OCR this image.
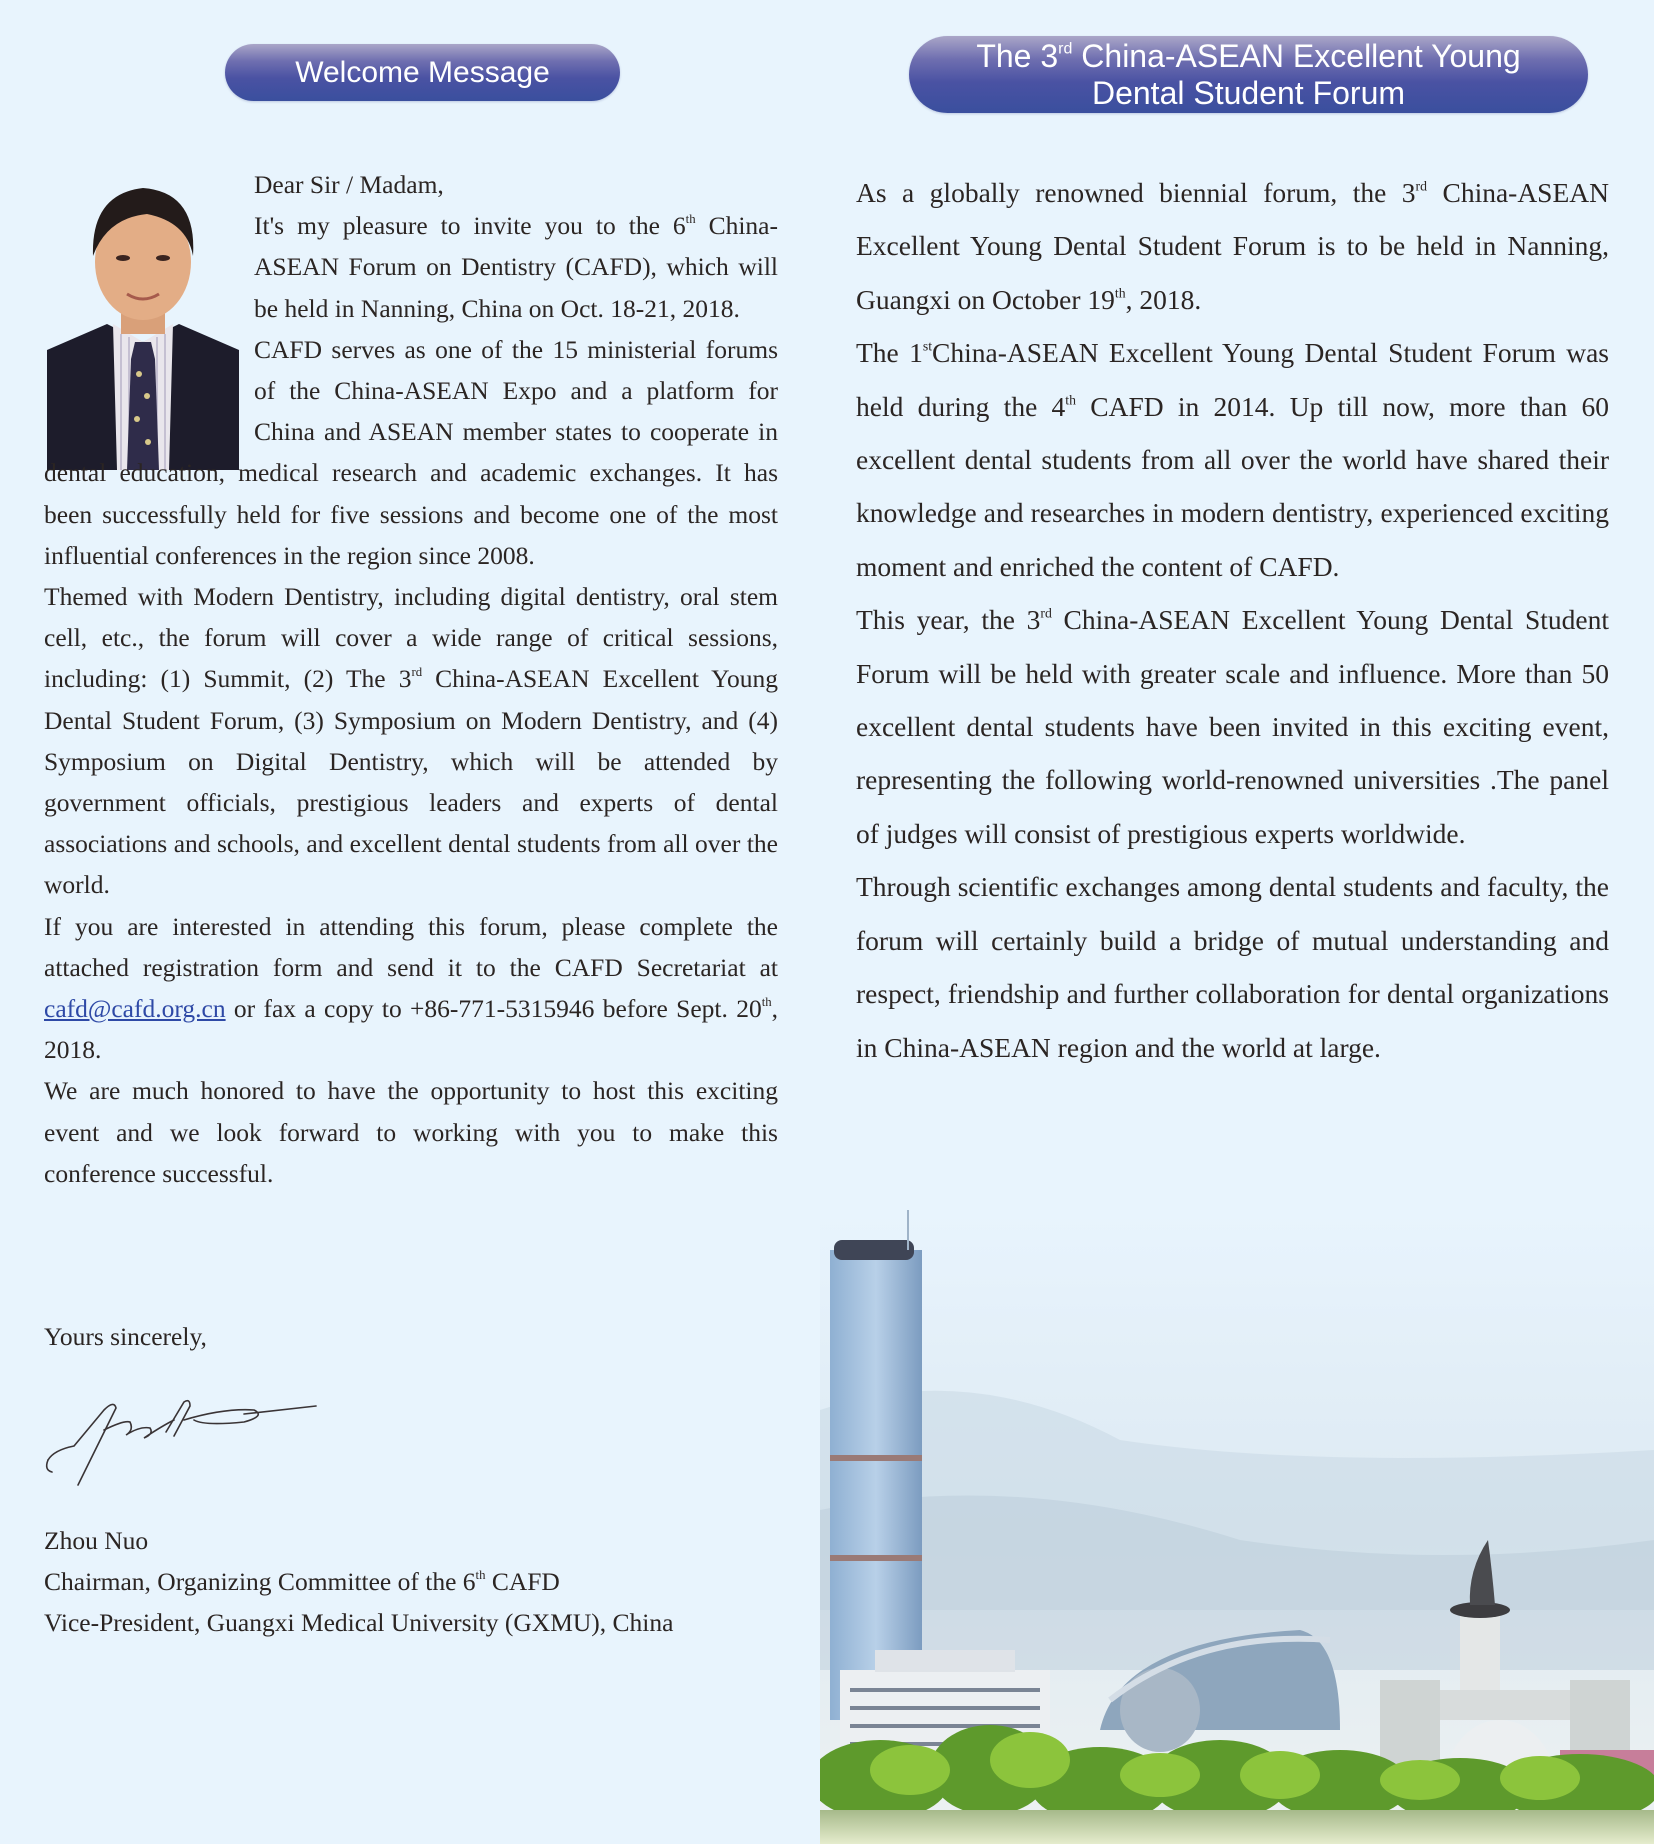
Welcome Message	The 3rd China-ASEAN Excellent Young
Dental Student Forum

Dear Sir / Madam,

It's my pleasure to invite you to the 6th China-ASEAN Forum on Dentistry (CAFD), which will be held in Nanning, China on Oct. 18-21, 2018.

CAFD serves as one of the 15 ministerial forums of the China-ASEAN Expo and a platform for China and ASEAN member states to cooperate in dental education, medical research and academic exchanges. It has been successfully held for five sessions and become one of the most influential conferences in the region since 2008.

Themed with Modern Dentistry, including digital dentistry, oral stem cell, etc., the forum will cover a wide range of critical sessions, including: (1) Summit, (2) The 3rd China-ASEAN Excellent Young Dental Student Forum, (3) Symposium on Modern Dentistry, and (4) Symposium on Digital Dentistry, which will be attended by government officials, prestigious leaders and experts of dental associations and schools, and excellent dental students from all over the world.

If you are interested in attending this forum, please complete the attached registration form and send it to the CAFD Secretariat at cafd@cafd.org.cn or fax a copy to +86-771-5315946 before Sept. 20th, 2018.

We are much honored to have the opportunity to host this exciting event and we look forward to working with you to make this conference successful.

Yours sincerely,
Zhou Nuo
Chairman, Organizing Committee of the 6th CAFD
Vice-President, Guangxi Medical University (GXMU), China

As a globally renowned biennial forum, the 3rd China-ASEAN Excellent Young Dental Student Forum is to be held in Nanning, Guangxi on October 19th, 2018.

The 1stChina-ASEAN Excellent Young Dental Student Forum was held during the 4th CAFD in 2014. Up till now, more than 60 excellent dental students from all over the world have shared their knowledge and researches in modern dentistry, experienced exciting moment and enriched the content of CAFD.

This year, the 3rd China-ASEAN Excellent Young Dental Student Forum will be held with greater scale and influence. More than 50 excellent dental students have been invited in this exciting event, representing the following world-renowned universities .The panel of judges will consist of prestigious experts worldwide.

Through scientific exchanges among dental students and faculty, the forum will certainly build a bridge of mutual understanding and respect, friendship and further collaboration for dental organizations in China-ASEAN region and the world at large.
